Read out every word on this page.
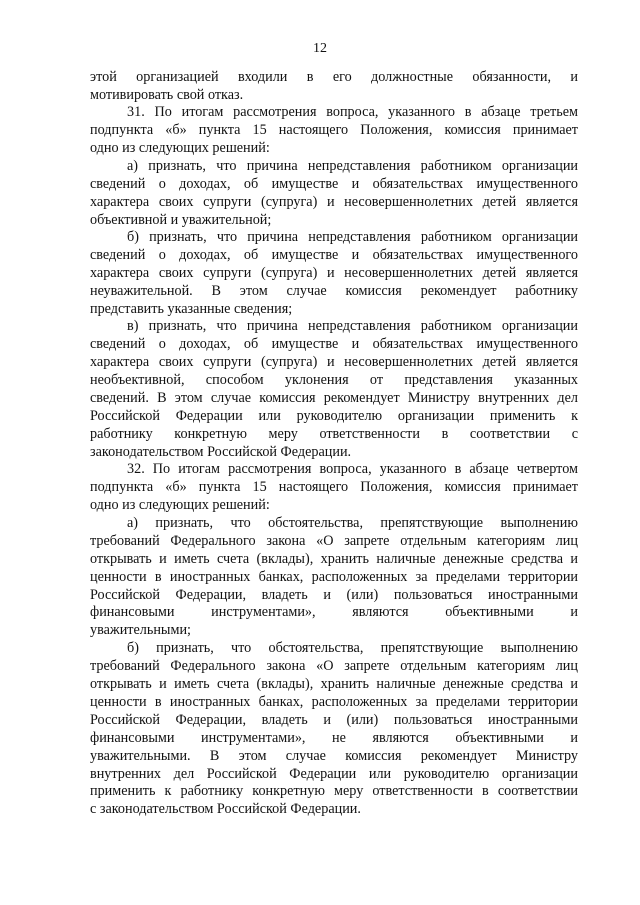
12
этой организацией входили в его должностные обязанности, и
мотивировать свой отказ.
31. По итогам рассмотрения вопроса, указанного в абзаце третьем
подпункта «б» пункта 15 настоящего Положения, комиссия принимает
одно из следующих решений:
а) признать, что причина непредставления работником организации
сведений о доходах, об имуществе и обязательствах имущественного
характера своих супруги (супруга) и несовершеннолетних детей является
объективной и уважительной;
б) признать, что причина непредставления работником организации
сведений о доходах, об имуществе и обязательствах имущественного
характера своих супруги (супруга) и несовершеннолетних детей является
неуважительной. В этом случае комиссия рекомендует работнику
представить указанные сведения;
в) признать, что причина непредставления работником организации
сведений о доходах, об имуществе и обязательствах имущественного
характера своих супруги (супруга) и несовершеннолетних детей является
необъективной, способом уклонения от представления указанных
сведений. В этом случае комиссия рекомендует Министру внутренних дел
Российской Федерации или руководителю организации применить к
работнику конкретную меру ответственности в соответствии с
законодательством Российской Федерации.
32. По итогам рассмотрения вопроса, указанного в абзаце четвертом
подпункта «б» пункта 15 настоящего Положения, комиссия принимает
одно из следующих решений:
а) признать, что обстоятельства, препятствующие выполнению
требований Федерального закона «О запрете отдельным категориям лиц
открывать и иметь счета (вклады), хранить наличные денежные средства и
ценности в иностранных банках, расположенных за пределами территории
Российской Федерации, владеть и (или) пользоваться иностранными
финансовыми инструментами», являются объективными и
уважительными;
б) признать, что обстоятельства, препятствующие выполнению
требований Федерального закона «О запрете отдельным категориям лиц
открывать и иметь счета (вклады), хранить наличные денежные средства и
ценности в иностранных банках, расположенных за пределами территории
Российской Федерации, владеть и (или) пользоваться иностранными
финансовыми инструментами», не являются объективными и
уважительными. В этом случае комиссия рекомендует Министру
внутренних дел Российской Федерации или руководителю организации
применить к работнику конкретную меру ответственности в соответствии
с законодательством Российской Федерации.
